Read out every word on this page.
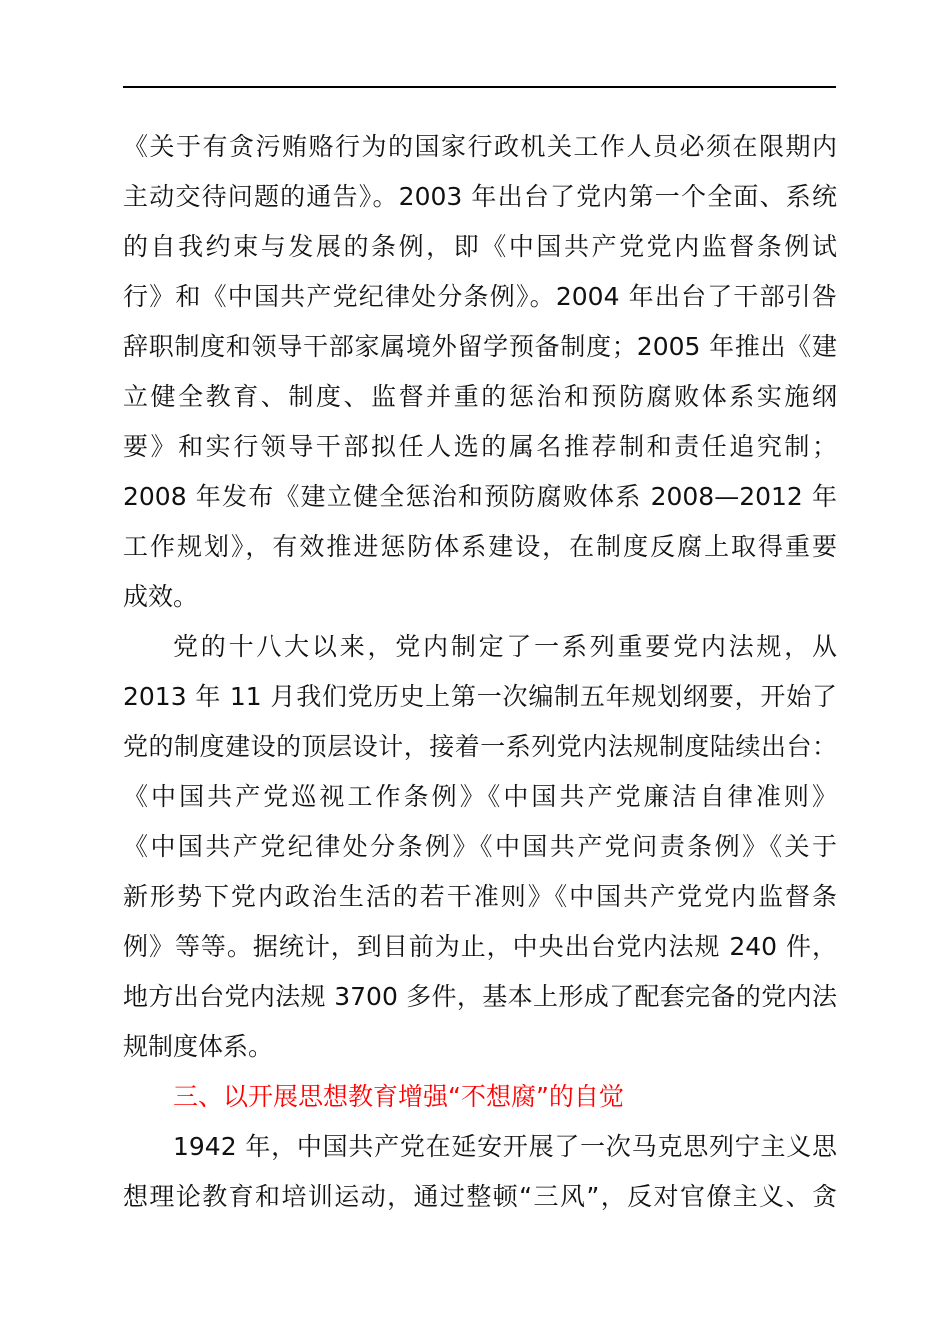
《关于有贪污贿赂行为的国家行政机关工作人员必须在限期内
主动交待问题的通告》。2003 年出台了党内第一个全面、系统
的自我约束与发展的条例，即《中国共产党党内监督条例试
行》和《中国共产党纪律处分条例》。2004 年出台了干部引咎
辞职制度和领导干部家属境外留学预备制度；2005 年推出《建
立健全教育、制度、监督并重的惩治和预防腐败体系实施纲
要》和实行领导干部拟任人选的属名推荐制和责任追究制；
2008 年发布《建立健全惩治和预防腐败体系 2008—2012 年
工作规划》，有效推进惩防体系建设，在制度反腐上取得重要
成效。
党的十八大以来，党内制定了一系列重要党内法规，从
2013 年 11 月我们党历史上第一次编制五年规划纲要，开始了
党的制度建设的顶层设计，接着一系列党内法规制度陆续出台：
《中国共产党巡视工作条例》《中国共产党廉洁自律准则》
《中国共产党纪律处分条例》《中国共产党问责条例》《关于
新形势下党内政治生活的若干准则》《中国共产党党内监督条
例》等等。据统计，到目前为止，中央出台党内法规 240 件，
地方出台党内法规 3700 多件，基本上形成了配套完备的党内法
规制度体系。
三、以开展思想教育增强“不想腐”的自觉
1942 年，中国共产党在延安开展了一次马克思列宁主义思
想理论教育和培训运动，通过整顿“三风”，反对官僚主义、贪
